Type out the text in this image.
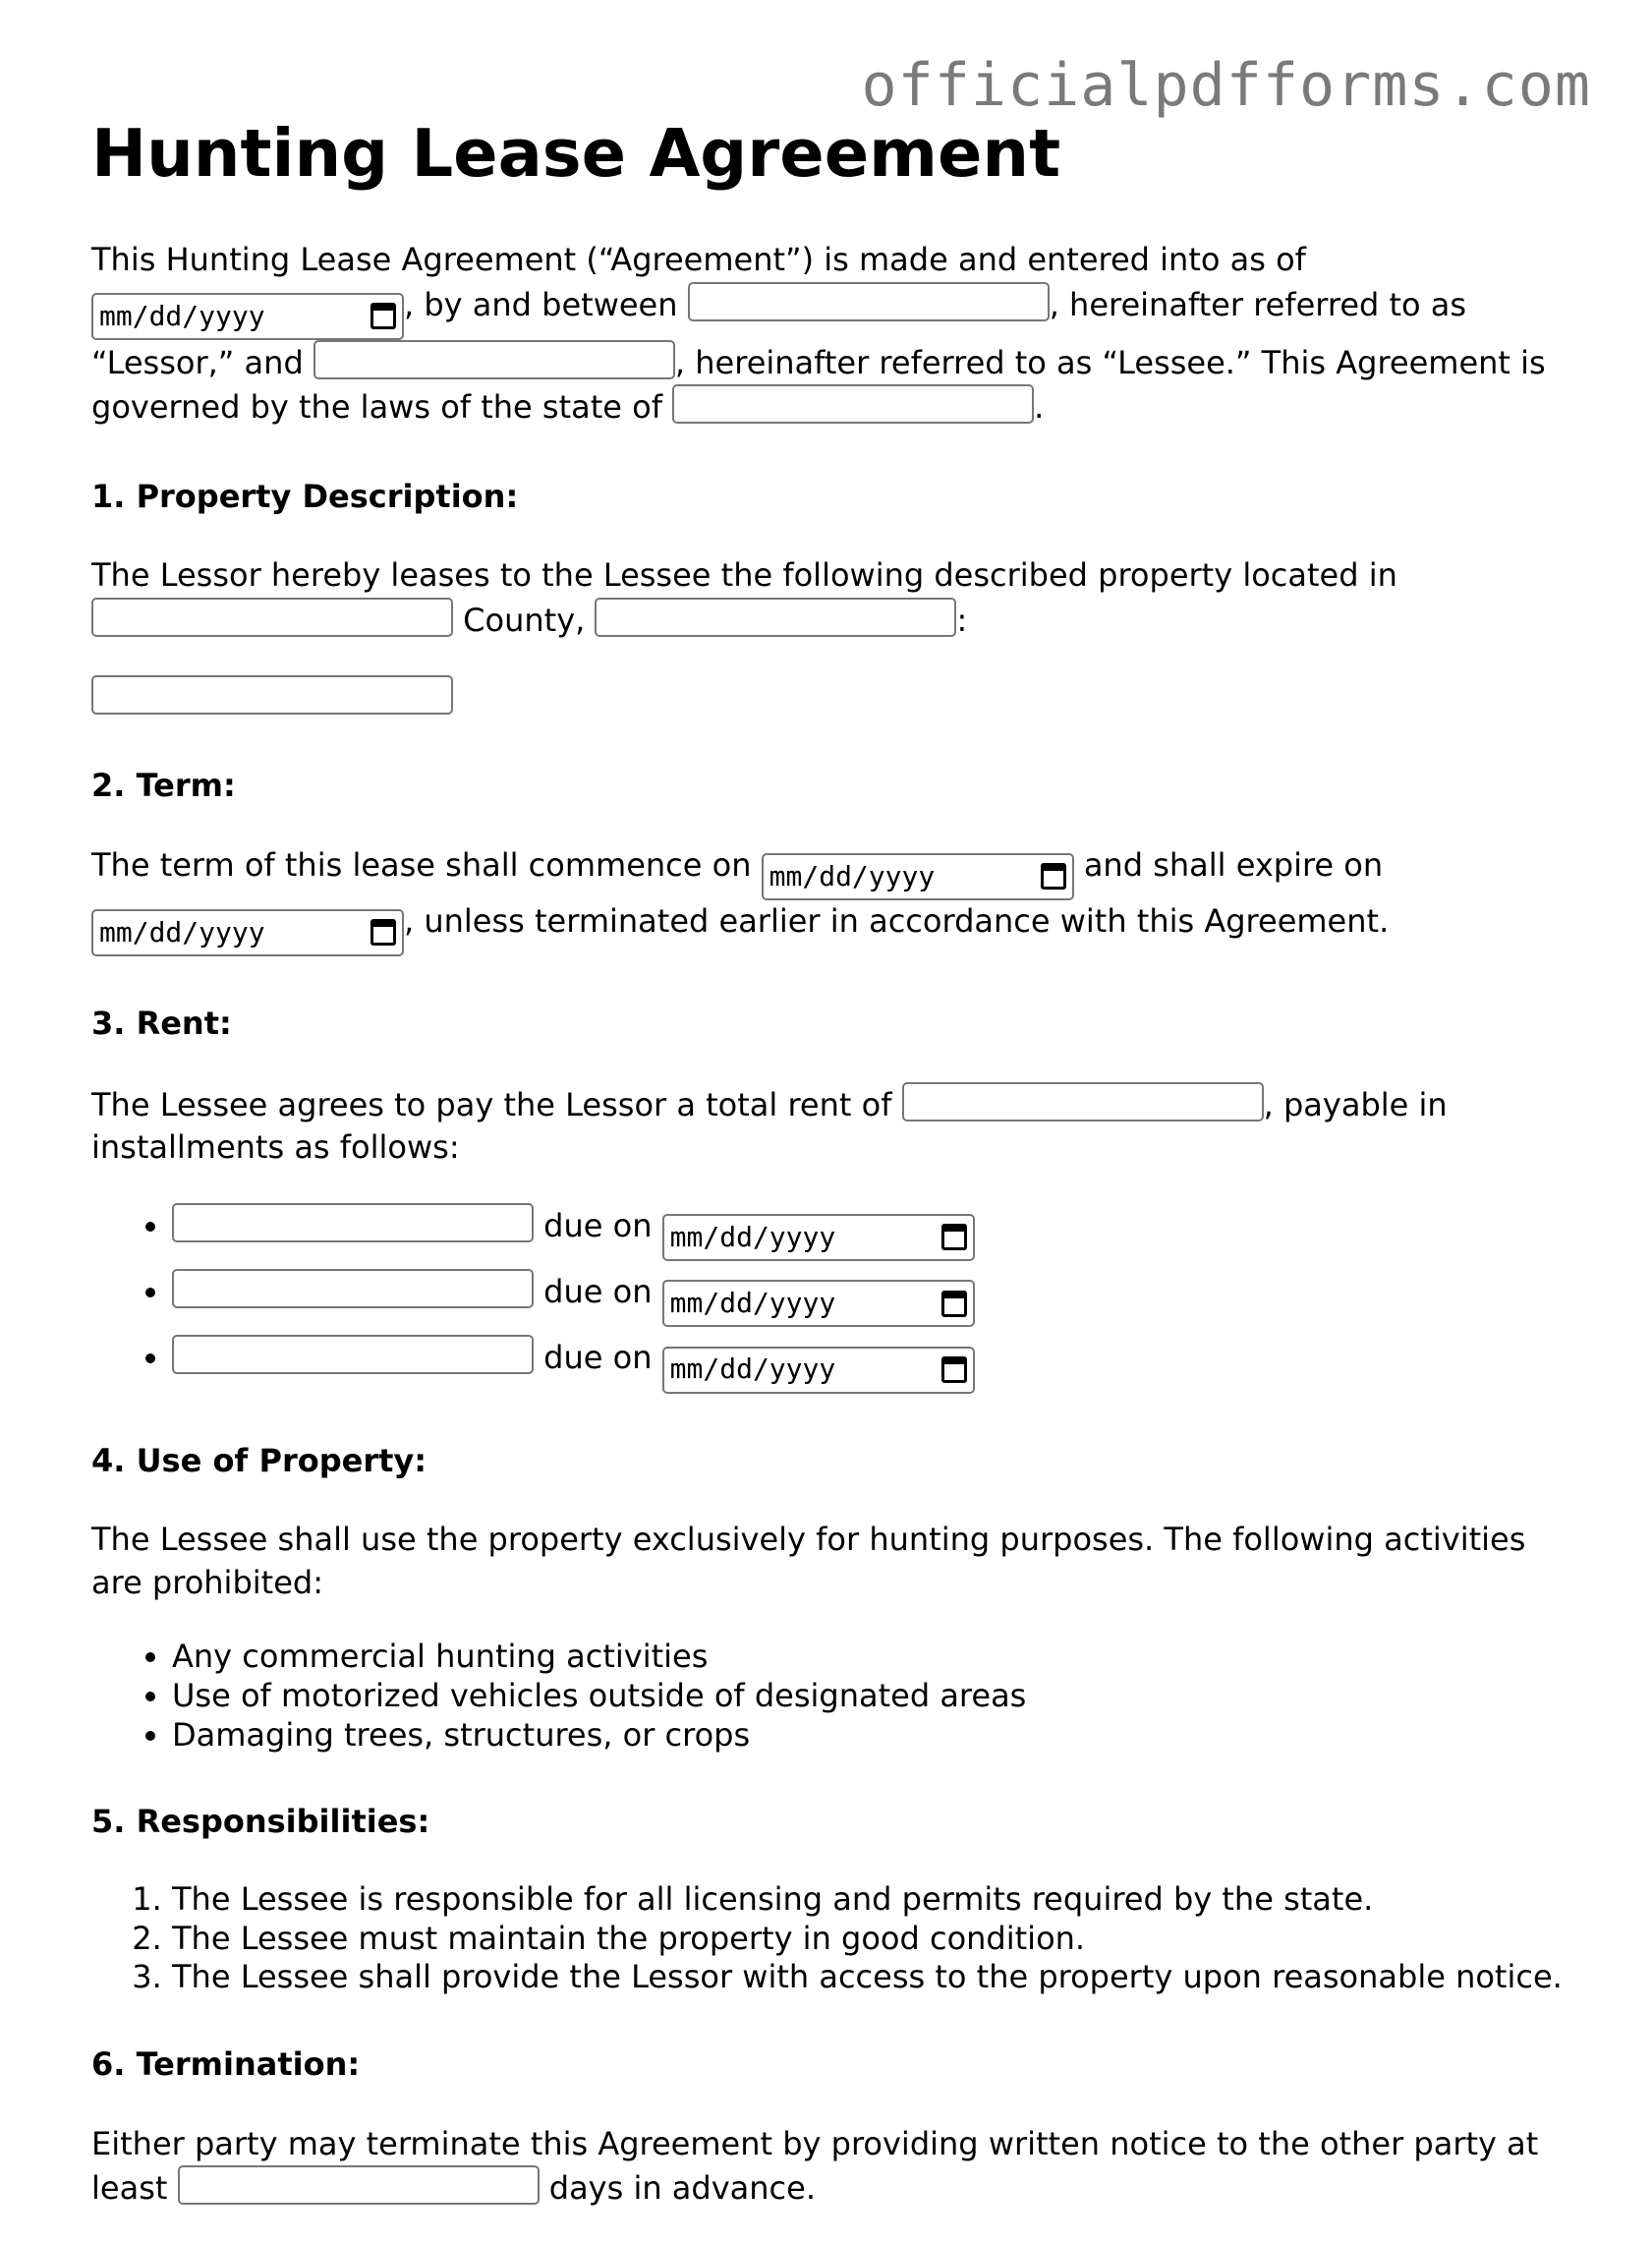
officialpdfforms.com
Hunting Lease Agreement

This Hunting Lease Agreement (“Agreement”) is made and entered into as of

mm/dd/yyyy	, by and between	, hereinafter referred to as “Lessor,” and	, hereinafter referred to as “Lessee.” This Agreement is governed by the laws of the state of	.

1. Property Description:

The Lessor hereby leases to the Lessee the following described property located in
County,	:

2. Term:

The term of this lease shall commence on mm/dd/yyyy	and shall expire on

mm/dd/yyyy	, unless terminated earlier in accordance with this Agreement.

3. Rent:

The Lessee agrees to pay the Lessor a total rent of	, payable in installments as follows:

• due on mm/dd/yyyy
• due on mm/dd/yyyy
• due on mm/dd/yyyy
4. Use of Property:

The Lessee shall use the property exclusively for hunting purposes. The following activities are prohibited:

• Any commercial hunting activities
• Use of motorized vehicles outside of designated areas
• Damaging trees, structures, or crops
5. Responsibilities:
1. The Lessee is responsible for all licensing and permits required by the state.
2. The Lessee must maintain the property in good condition.
3. The Lessee shall provide the Lessor with access to the property upon reasonable notice.
6. Termination:

Either party may terminate this Agreement by providing written notice to the other party at least	days in advance.
